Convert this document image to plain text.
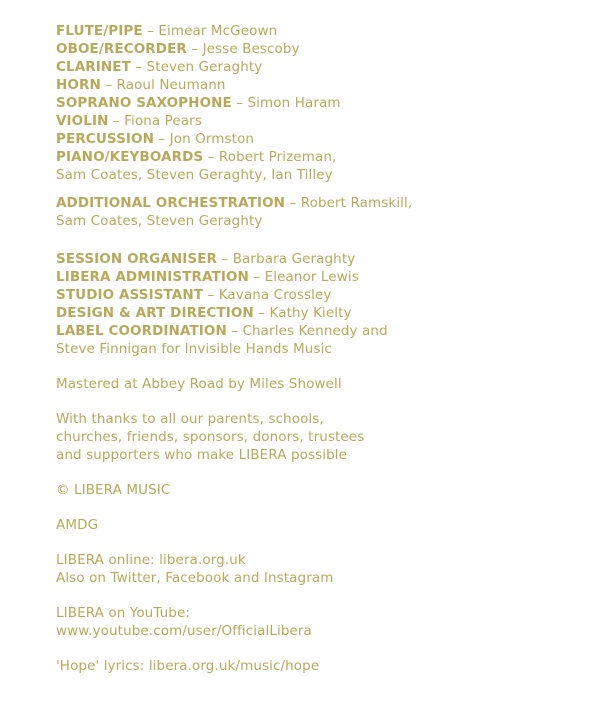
FLUTE/PIPE – Eimear McGeown
OBOE/RECORDER – Jesse Bescoby
CLARINET – Steven Geraghty
HORN – Raoul Neumann
SOPRANO SAXOPHONE – Simon Haram
VIOLIN – Fiona Pears
PERCUSSION – Jon Ormston
PIANO/KEYBOARDS – Robert Prizeman,
Sam Coates, Steven Geraghty, Ian Tilley
ADDITIONAL ORCHESTRATION – Robert Ramskill,
Sam Coates, Steven Geraghty
SESSION ORGANISER – Barbara Geraghty
LIBERA ADMINISTRATION – Eleanor Lewis
STUDIO ASSISTANT – Kavana Crossley
DESIGN & ART DIRECTION – Kathy Kielty
LABEL COORDINATION – Charles Kennedy and
Steve Finnigan for Invisible Hands Music
Mastered at Abbey Road by Miles Showell
With thanks to all our parents, schools,
churches, friends, sponsors, donors, trustees
and supporters who make LIBERA possible
© LIBERA MUSIC
AMDG
LIBERA online: libera.org.uk
Also on Twitter, Facebook and Instagram
LIBERA on YouTube:
www.youtube.com/user/OfficialLibera
'Hope' lyrics: libera.org.uk/music/hope
